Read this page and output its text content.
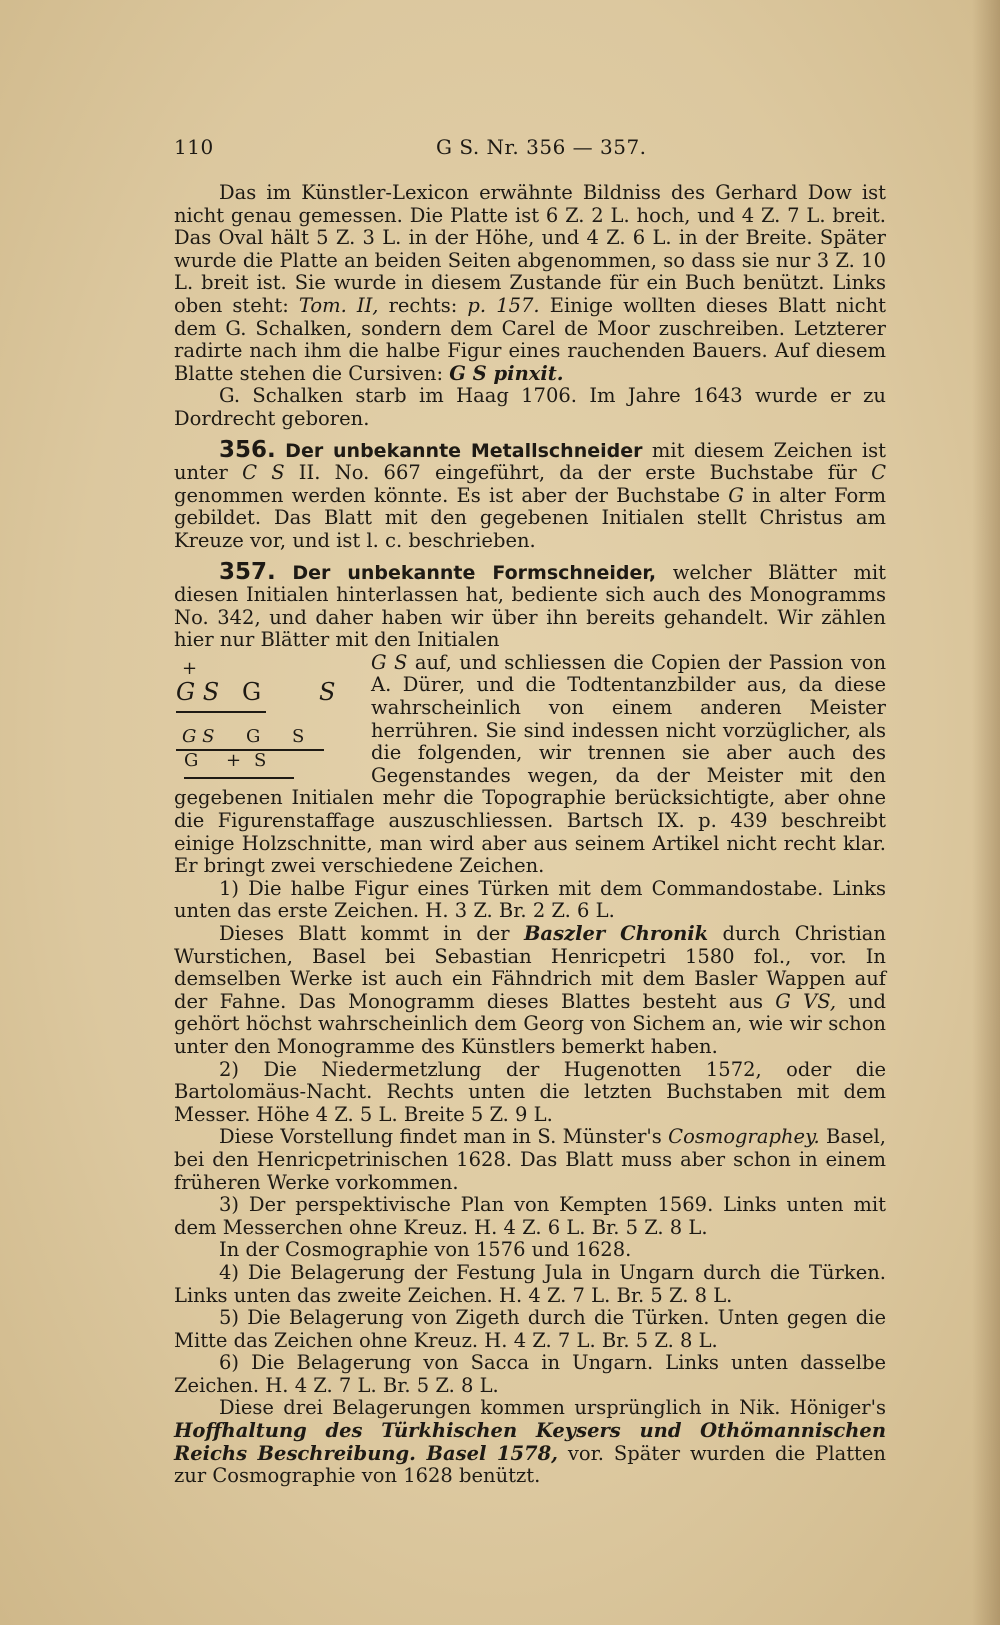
110	G S. Nr. 356 — 357.

Das im Künstler-Lexicon erwähnte Bildniss des Gerhard Dow ist nicht genau gemessen. Die Platte ist 6 Z. 2 L. hoch, und 4 Z. 7 L. breit. Das Oval hält 5 Z. 3 L. in der Höhe, und 4 Z. 6 L. in der Breite. Später wurde die Platte an beiden Seiten abgenommen, so dass sie nur 3 Z. 10 L. breit ist. Sie wurde in diesem Zustande für ein Buch benützt. Links oben steht: Tom. II, rechts: p. 157. Einige wollten dieses Blatt nicht dem G. Schalken, sondern dem Carel de Moor zuschreiben. Letzterer radirte nach ihm die halbe Figur eines rauchenden Bauers. Auf diesem Blatte stehen die Cursiven: G S pinxit.

G. Schalken starb im Haag 1706. Im Jahre 1643 wurde er zu Dordrecht geboren.

356. Der unbekannte Metallschneider mit diesem Zeichen ist unter C S II. No. 667 eingeführt, da der erste Buchstabe für C genommen werden könnte. Es ist aber der Buchstabe G in alter Form gebildet. Das Blatt mit den gegebenen Initialen stellt Christus am Kreuze vor, und ist l. c. beschrieben.

357. Der unbekannte Formschneider, welcher Blätter mit diesen Initialen hinterlassen hat, bediente sich auch des Monogramms No. 342, und daher haben wir über ihn bereits gehandelt. Wir zählen hier nur Blätter mit den Initialen

+
G S G S
G S G S
G + S
G S auf, und schliessen die Copien der Passion von A. Dürer, und die Todtentanzbilder aus, da diese wahrscheinlich von einem anderen Meister herrühren. Sie sind indessen nicht vorzüglicher, als die folgenden, wir trennen sie aber auch des Gegenstandes wegen, da der Meister mit den gegebenen Initialen mehr die Topographie berücksichtigte, aber ohne die Figurenstaffage auszuschliessen. Bartsch IX. p. 439 beschreibt einige Holzschnitte, man wird aber aus seinem Artikel nicht recht klar. Er bringt zwei verschiedene Zeichen.

1) Die halbe Figur eines Türken mit dem Commandostabe. Links unten das erste Zeichen. H. 3 Z. Br. 2 Z. 6 L.

Dieses Blatt kommt in der Baszler Chronik durch Christian Wurstichen, Basel bei Sebastian Henricpetri 1580 fol., vor. In demselben Werke ist auch ein Fähndrich mit dem Basler Wappen auf der Fahne. Das Monogramm dieses Blattes besteht aus G VS, und gehört höchst wahrscheinlich dem Georg von Sichem an, wie wir schon unter den Monogramme des Künstlers bemerkt haben.

2) Die Niedermetzlung der Hugenotten 1572, oder die Bartolomäus-Nacht. Rechts unten die letzten Buchstaben mit dem Messer. Höhe 4 Z. 5 L. Breite 5 Z. 9 L.

Diese Vorstellung findet man in S. Münster's Cosmographey. Basel, bei den Henricpetrinischen 1628. Das Blatt muss aber schon in einem früheren Werke vorkommen.

3) Der perspektivische Plan von Kempten 1569. Links unten mit dem Messerchen ohne Kreuz. H. 4 Z. 6 L. Br. 5 Z. 8 L.

In der Cosmographie von 1576 und 1628.

4) Die Belagerung der Festung Jula in Ungarn durch die Türken. Links unten das zweite Zeichen. H. 4 Z. 7 L. Br. 5 Z. 8 L.

5) Die Belagerung von Zigeth durch die Türken. Unten gegen die Mitte das Zeichen ohne Kreuz. H. 4 Z. 7 L. Br. 5 Z. 8 L.

6) Die Belagerung von Sacca in Ungarn. Links unten dasselbe Zeichen. H. 4 Z. 7 L. Br. 5 Z. 8 L.

Diese drei Belagerungen kommen ursprünglich in Nik. Höniger's Hoffhaltung des Türkhischen Keysers und Othömannischen Reichs Beschreibung. Basel 1578, vor. Später wurden die Platten zur Cosmographie von 1628 benützt.
